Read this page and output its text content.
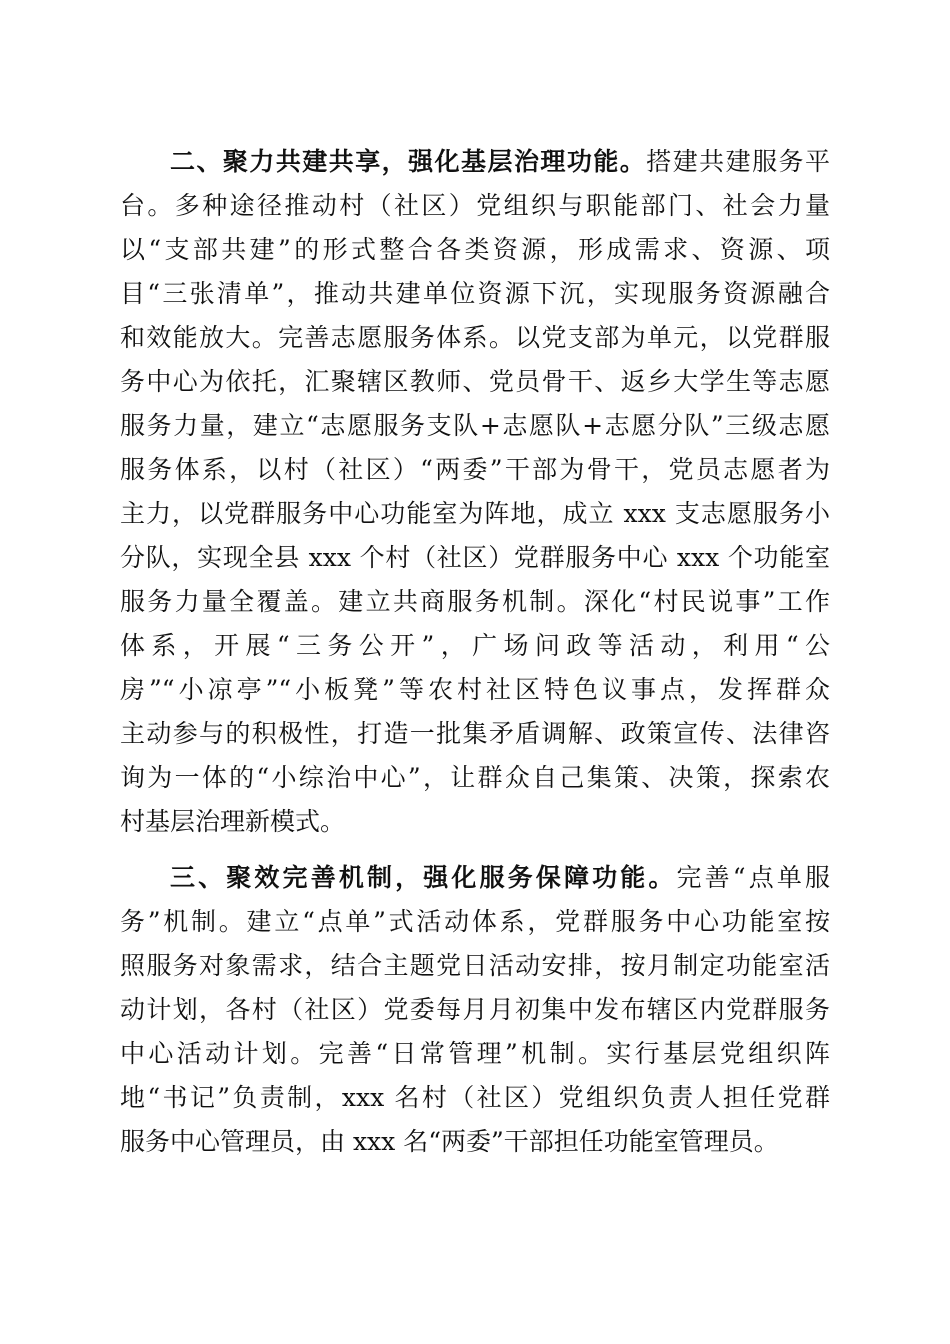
二、聚力共建共享，强化基层治理功能。搭建共建服务平
台。多种途径推动村（社区）党组织与职能部门、社会力量
以“支部共建”的形式整合各类资源，形成需求、资源、项
目“三张清单”，推动共建单位资源下沉，实现服务资源融合
和效能放大。完善志愿服务体系。以党支部为单元，以党群服
务中心为依托，汇聚辖区教师、党员骨干、返乡大学生等志愿
服务力量，建立“志愿服务支队+志愿队+志愿分队”三级志愿
服务体系，以村（社区）“两委”干部为骨干，党员志愿者为
主力，以党群服务中心功能室为阵地，成立 xxx 支志愿服务小
分队，实现全县 xxx 个村（社区）党群服务中心 xxx 个功能室
服务力量全覆盖。建立共商服务机制。深化“村民说事”工作
体系，开展“三务公开”，广场问政等活动，利用“公
房”“小凉亭”“小板凳”等农村社区特色议事点，发挥群众
主动参与的积极性，打造一批集矛盾调解、政策宣传、法律咨
询为一体的“小综治中心”，让群众自己集策、决策，探索农
村基层治理新模式。
三、聚效完善机制，强化服务保障功能。完善“点单服
务”机制。建立“点单”式活动体系，党群服务中心功能室按
照服务对象需求，结合主题党日活动安排，按月制定功能室活
动计划，各村（社区）党委每月月初集中发布辖区内党群服务
中心活动计划。完善“日常管理”机制。实行基层党组织阵
地“书记”负责制，xxx 名村（社区）党组织负责人担任党群
服务中心管理员，由 xxx 名“两委”干部担任功能室管理员。
